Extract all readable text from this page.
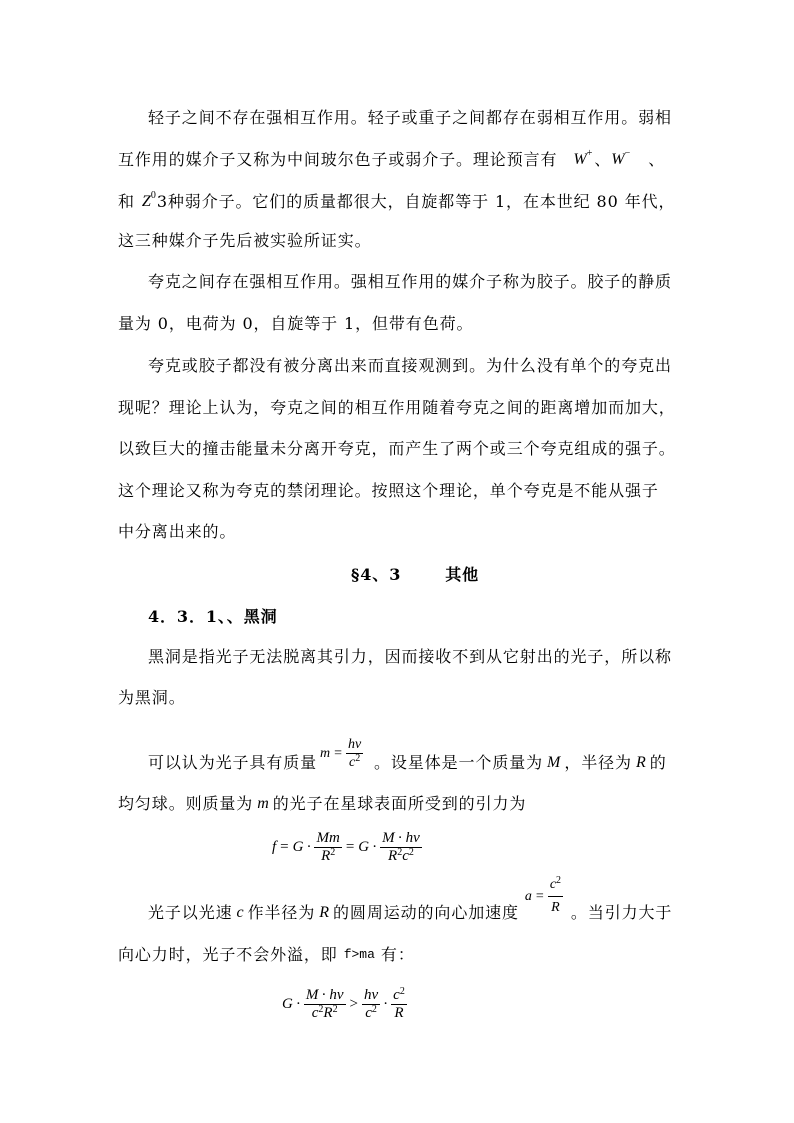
轻子之间不存在强相互作用。轻子或重子之间都存在弱相互作用。弱相
互作用的媒介子又称为中间玻尔色子或弱介子。理论预言有 W + 、 W − 、
和 Z 0 3种弱介子。它们的质量都很大，自旋都等于 1，在本世纪 80 年代，
这三种媒介子先后被实验所证实。
夸克之间存在强相互作用。强相互作用的媒介子称为胶子。胶子的静质
量为 0，电荷为 0，自旋等于 1，但带有色荷。
夸克或胶子都没有被分离出来而直接观测到。为什么没有单个的夸克出
现呢？理论上认为，夸克之间的相互作用随着夸克之间的距离增加而加大，
以致巨大的撞击能量未分离开夸克，而产生了两个或三个夸克组成的强子。
这个理论又称为夸克的禁闭理论。按照这个理论，单个夸克是不能从强子
中分离出来的。
§4、3	其他
4．3．1、、黑洞
黑洞是指光子无法脱离其引力，因而接收不到从它射出的光子，所以称
为黑洞。
可以认为光子具有质量 $m = \frac{h\nu}{c 2}$ 。设星体是一个质量为 M ，半径为 R 的
均匀球。则质量为 m 的光子在星球表面所受到的引力为
$f = G \cdot \frac{Mm}{R 2} = G \cdot \frac{M \cdot h\nu}{R 2 c 2}$
光子以光速 c 作半径为 R 的圆周运动的向心加速度
$a = \frac{c 2}{R}$ 。当引力大于
向心力时，光子不会外溢，即 f>ma 有：
$G \cdot \frac{M \cdot h\nu}{c 2 R 2} > \frac{h\nu}{c 2} \cdot \frac{c 2}{R}$
